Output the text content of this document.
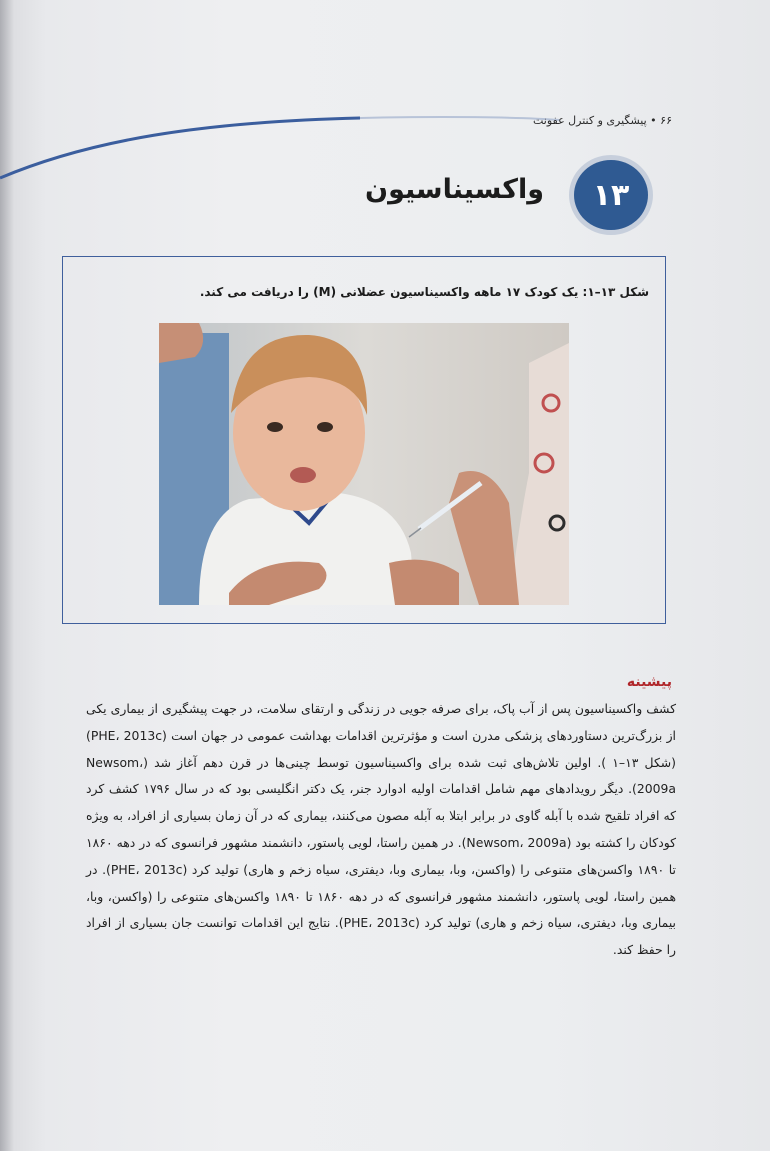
۶۶ • پیشگیری و کنترل عفونت
۱۳
واکسیناسیون
شکل ۱۳–۱: یک کودک ۱۷ ماهه واکسیناسیون عضلانی (M) را دریافت می کند.
پیشینه

کشف واکسیناسیون پس از آب پاک، برای صرفه جویی در زندگی و ارتقای سلامت، در جهت پیشگیری از بیماری یکی از بزرگ‌ترین دستاوردهای پزشکی مدرن است و مؤثرترین اقدامات بهداشت عمومی در جهان است (PHE، 2013c) (شکل ۱۳–۱ ). اولین تلاش‌های ثبت شده برای واکسیناسیون توسط چینی‌ها در قرن دهم آغاز شد (Newsom، 2009a). دیگر رویدادهای مهم شامل اقدامات اولیه ادوارد جنر، یک دکتر انگلیسی بود که در سال ۱۷۹۶ کشف کرد که افراد تلقیح شده با آبله گاوی در برابر ابتلا به آبله مصون می‌کنند، بیماری که در آن زمان بسیاری از افراد، به ویژه کودکان را کشته بود (Newsom، 2009a). در همین راستا، لویی پاستور، دانشمند مشهور فرانسوی که در دهه ۱۸۶۰ تا ۱۸۹۰ واکسن‌های متنوعی را (واکسن، وبا، بیماری وبا، دیفتری، سیاه زخم و هاری) تولید کرد (PHE، 2013c). در همین راستا، لویی پاستور، دانشمند مشهور فرانسوی که در دهه ۱۸۶۰ تا ۱۸۹۰ واکسن‌های متنوعی را (واکسن، وبا، بیماری وبا، دیفتری، سیاه زخم و هاری) تولید کرد (PHE، 2013c). نتایج این اقدامات توانست جان بسیاری از افراد را حفظ کند.
